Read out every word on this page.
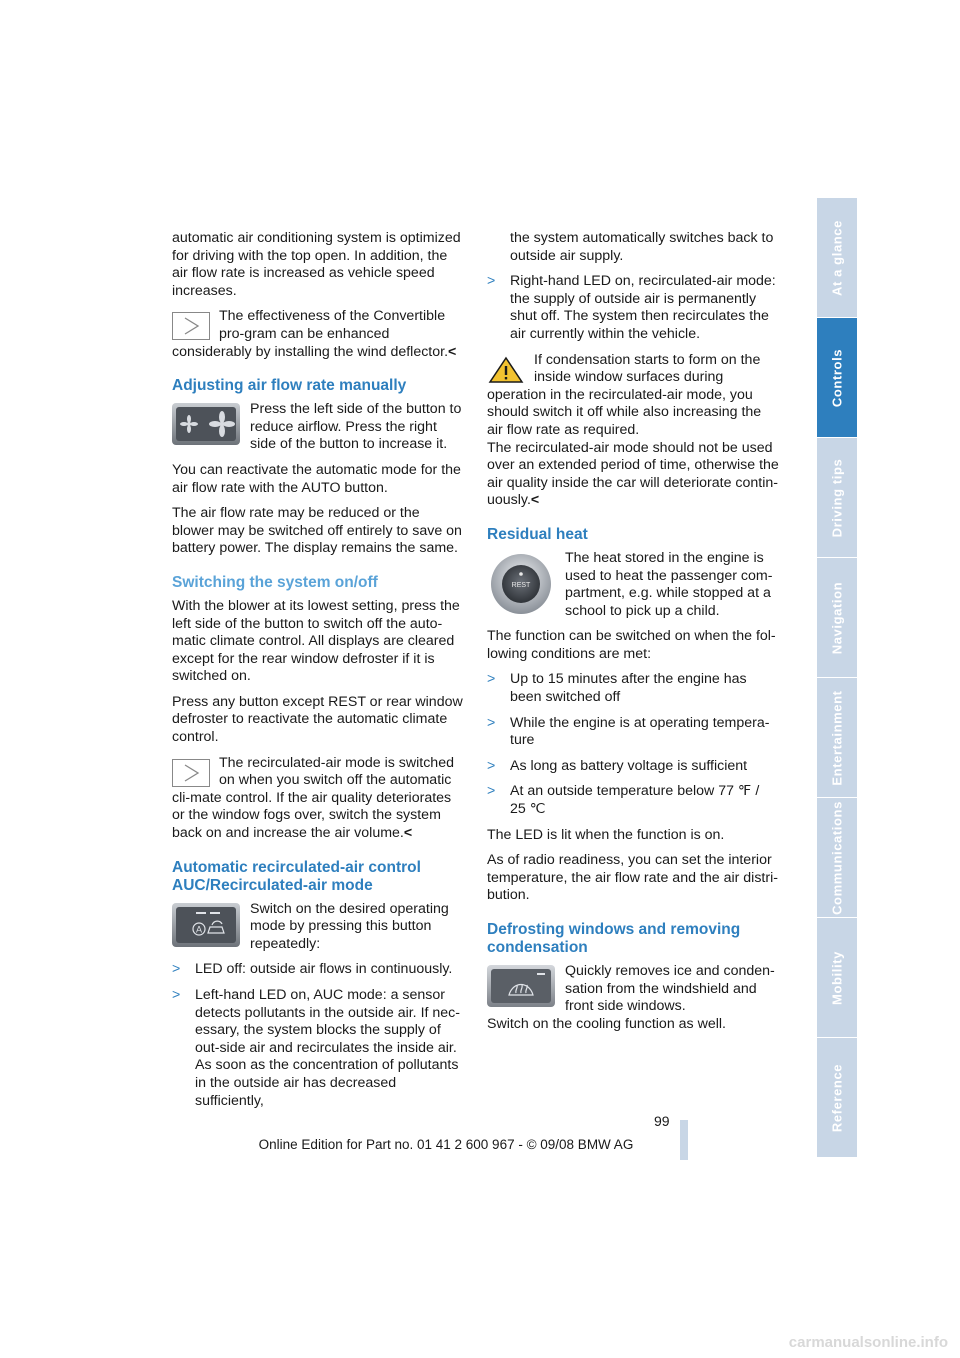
automatic air conditioning system is optimized for driving with the top open. In addition, the air flow rate is increased as vehicle speed increases.

The effectiveness of the Convertible pro-gram can be enhanced considerably by installing the wind deflector.<
Adjusting air flow rate manually

Press the left side of the button to reduce airflow. Press the right side of the button to increase it.

You can reactivate the automatic mode for the air flow rate with the AUTO button.

The air flow rate may be reduced or the blower may be switched off entirely to save on battery power. The display remains the same.

Switching the system on/off

With the blower at its lowest setting, press the left side of the button to switch off the auto-matic climate control. All displays are cleared except for the rear window defroster if it is switched on.

Press any button except REST or rear window defroster to reactivate the automatic climate control.

The recirculated-air mode is switched on when you switch off the automatic cli-mate control. If the air quality deteriorates or the window fogs over, switch the system back on and increase the air volume.<
Automatic recirculated-air control AUC/Recirculated-air mode
A

Switch on the desired operating mode by pressing this button repeatedly:

>	LED off: outside air flows in continuously.
>	Left-hand LED on, AUC mode: a sensor detects pollutants in the outside air. If nec-essary, the system blocks the supply of out-side air and recirculates the inside air. As soon as the concentration of pollutants in the outside air has decreased sufficiently,
the system automatically switches back to outside air supply.
>	Right-hand LED on, recirculated-air mode: the supply of outside air is permanently shut off. The system then recirculates the air currently within the vehicle.
If condensation starts to form on the inside window surfaces during operation in the recirculated-air mode, you should switch it off while also increasing the air flow rate as required.

The recirculated-air mode should not be used over an extended period of time, otherwise the air quality inside the car will deteriorate contin-uously.<

Residual heat
REST

The heat stored in the engine is used to heat the passenger com-partment, e.g. while stopped at a school to pick up a child.

The function can be switched on when the fol-lowing conditions are met:

>	Up to 15 minutes after the engine has been switched off
>	While the engine is at operating tempera-ture
>	As long as battery voltage is sufficient
>	At an outside temperature below 77 ℉ / 25 ℃

The LED is lit when the function is on.

As of radio readiness, you can set the interior temperature, the air flow rate and the air distri-bution.

Defrosting windows and removing condensation

Quickly removes ice and conden-sation from the windshield and front side windows.

Switch on the cooling function as well.

At a glance
Controls
Driving tips
Navigation
Entertainment
Communications
Mobility
Reference
99
Online Edition for Part no. 01 41 2 600 967 - © 09/08 BMW AG
carmanualsonline.info
